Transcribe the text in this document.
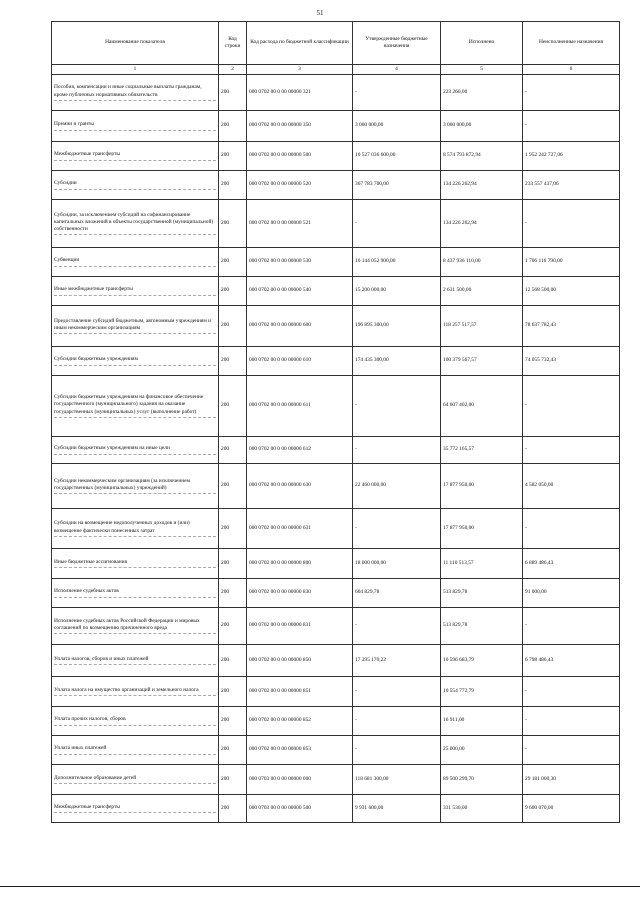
51
Наименование показателя	Код строки	Код расхода по бюджетной классификации	Утвержденные бюджетные назначения	Исполнено	Неисполненные назначения
1	2	3	4	5	6

Пособия, компенсации и иные социальные выплаты гражданам, кроме публичных нормативных обязательств	200	000 0702 00 0 00 00000 321	-	223 260,00	-

Премии и гранты	200	000 0702 00 0 00 00000 350	3 000 000,00	3 000 000,00	-

Межбюджетные трансферты	200	000 0702 00 0 00 00000 500	10 527 036 600,00	8 574 793 872,94	1 952 242 727,06

Субсидии	200	000 0702 00 0 00 00000 520	367 783 700,00	134 226 262,94	233 557 437,06

Субсидии, за исключением субсидий на софинансирование капитальных вложений в объекты государственной (муниципальной) собственности	200	000 0702 00 0 00 00000 521	-	134 226 262,94	-

Субвенции	200	000 0702 00 0 00 00000 530	10 144 052 900,00	8 437 936 110,00	1 706 116 790,00

Иные межбюджетные трансферты	200	000 0702 00 0 00 00000 540	15 200 000,00	2 631 500,00	12 568 500,00

Предоставление субсидий бюджетным, автономным учреждениям и иным некоммерческим организациям	200	000 0702 00 0 00 00000 600	196 895 300,00	118 257 517,57	78 637 782,43

Субсидии бюджетным учреждениям	200	000 0702 00 0 00 00000 610	174 435 300,00	100 379 567,57	74 055 732,43

Субсидии бюджетным учреждениям на финансовое обеспечение государственного (муниципального) задания на оказание государственных (муниципальных) услуг (выполнение работ)	200	000 0702 00 0 00 00000 611	-	64 607 402,00	-

Субсидии бюджетным учреждениям на иные цели	200	000 0702 00 0 00 00000 612	-	35 772 165,57	-

Субсидии некоммерческим организациям (за исключением государственных (муниципальных) учреждений)	200	000 0702 00 0 00 00000 630	22 460 000,00	17 877 950,00	4 582 050,00

Субсидии на возмещение недополученных доходов и (или) возмещение фактически понесенных затрат	200	000 0702 00 0 00 00000 631	-	17 877 950,00	-

Иные бюджетные ассигнования	200	000 0702 00 0 00 00000 800	18 000 000,00	11 110 513,57	6 889 486,43

Исполнение судебных актов	200	000 0702 00 0 00 00000 830	604 829,78	513 829,78	91 000,00

Исполнение судебных актов Российской Федерации и мировых соглашений по возмещению причиненного вреда	200	000 0702 00 0 00 00000 831	-	513 829,78	-

Уплата налогов, сборов и иных платежей	200	000 0702 00 0 00 00000 850	17 395 170,22	10 596 683,79	6 798 486,43

Уплата налога на имущество организаций и земельного налога	200	000 0702 00 0 00 00000 851	-	10 554 772,79	-

Уплата прочих налогов, сборов	200	000 0702 00 0 00 00000 852	-	16 911,00	-

Уплата иных платежей	200	000 0702 00 0 00 00000 853	-	25 000,00	-

Дополнительное образование детей	200	000 0703 00 0 00 00000 000	118 681 300,00	89 500 299,70	29 181 000,30

Межбюджетные трансферты	200	000 0703 00 0 00 00000 500	9 931 600,00	331 530,00	9 600 070,00
